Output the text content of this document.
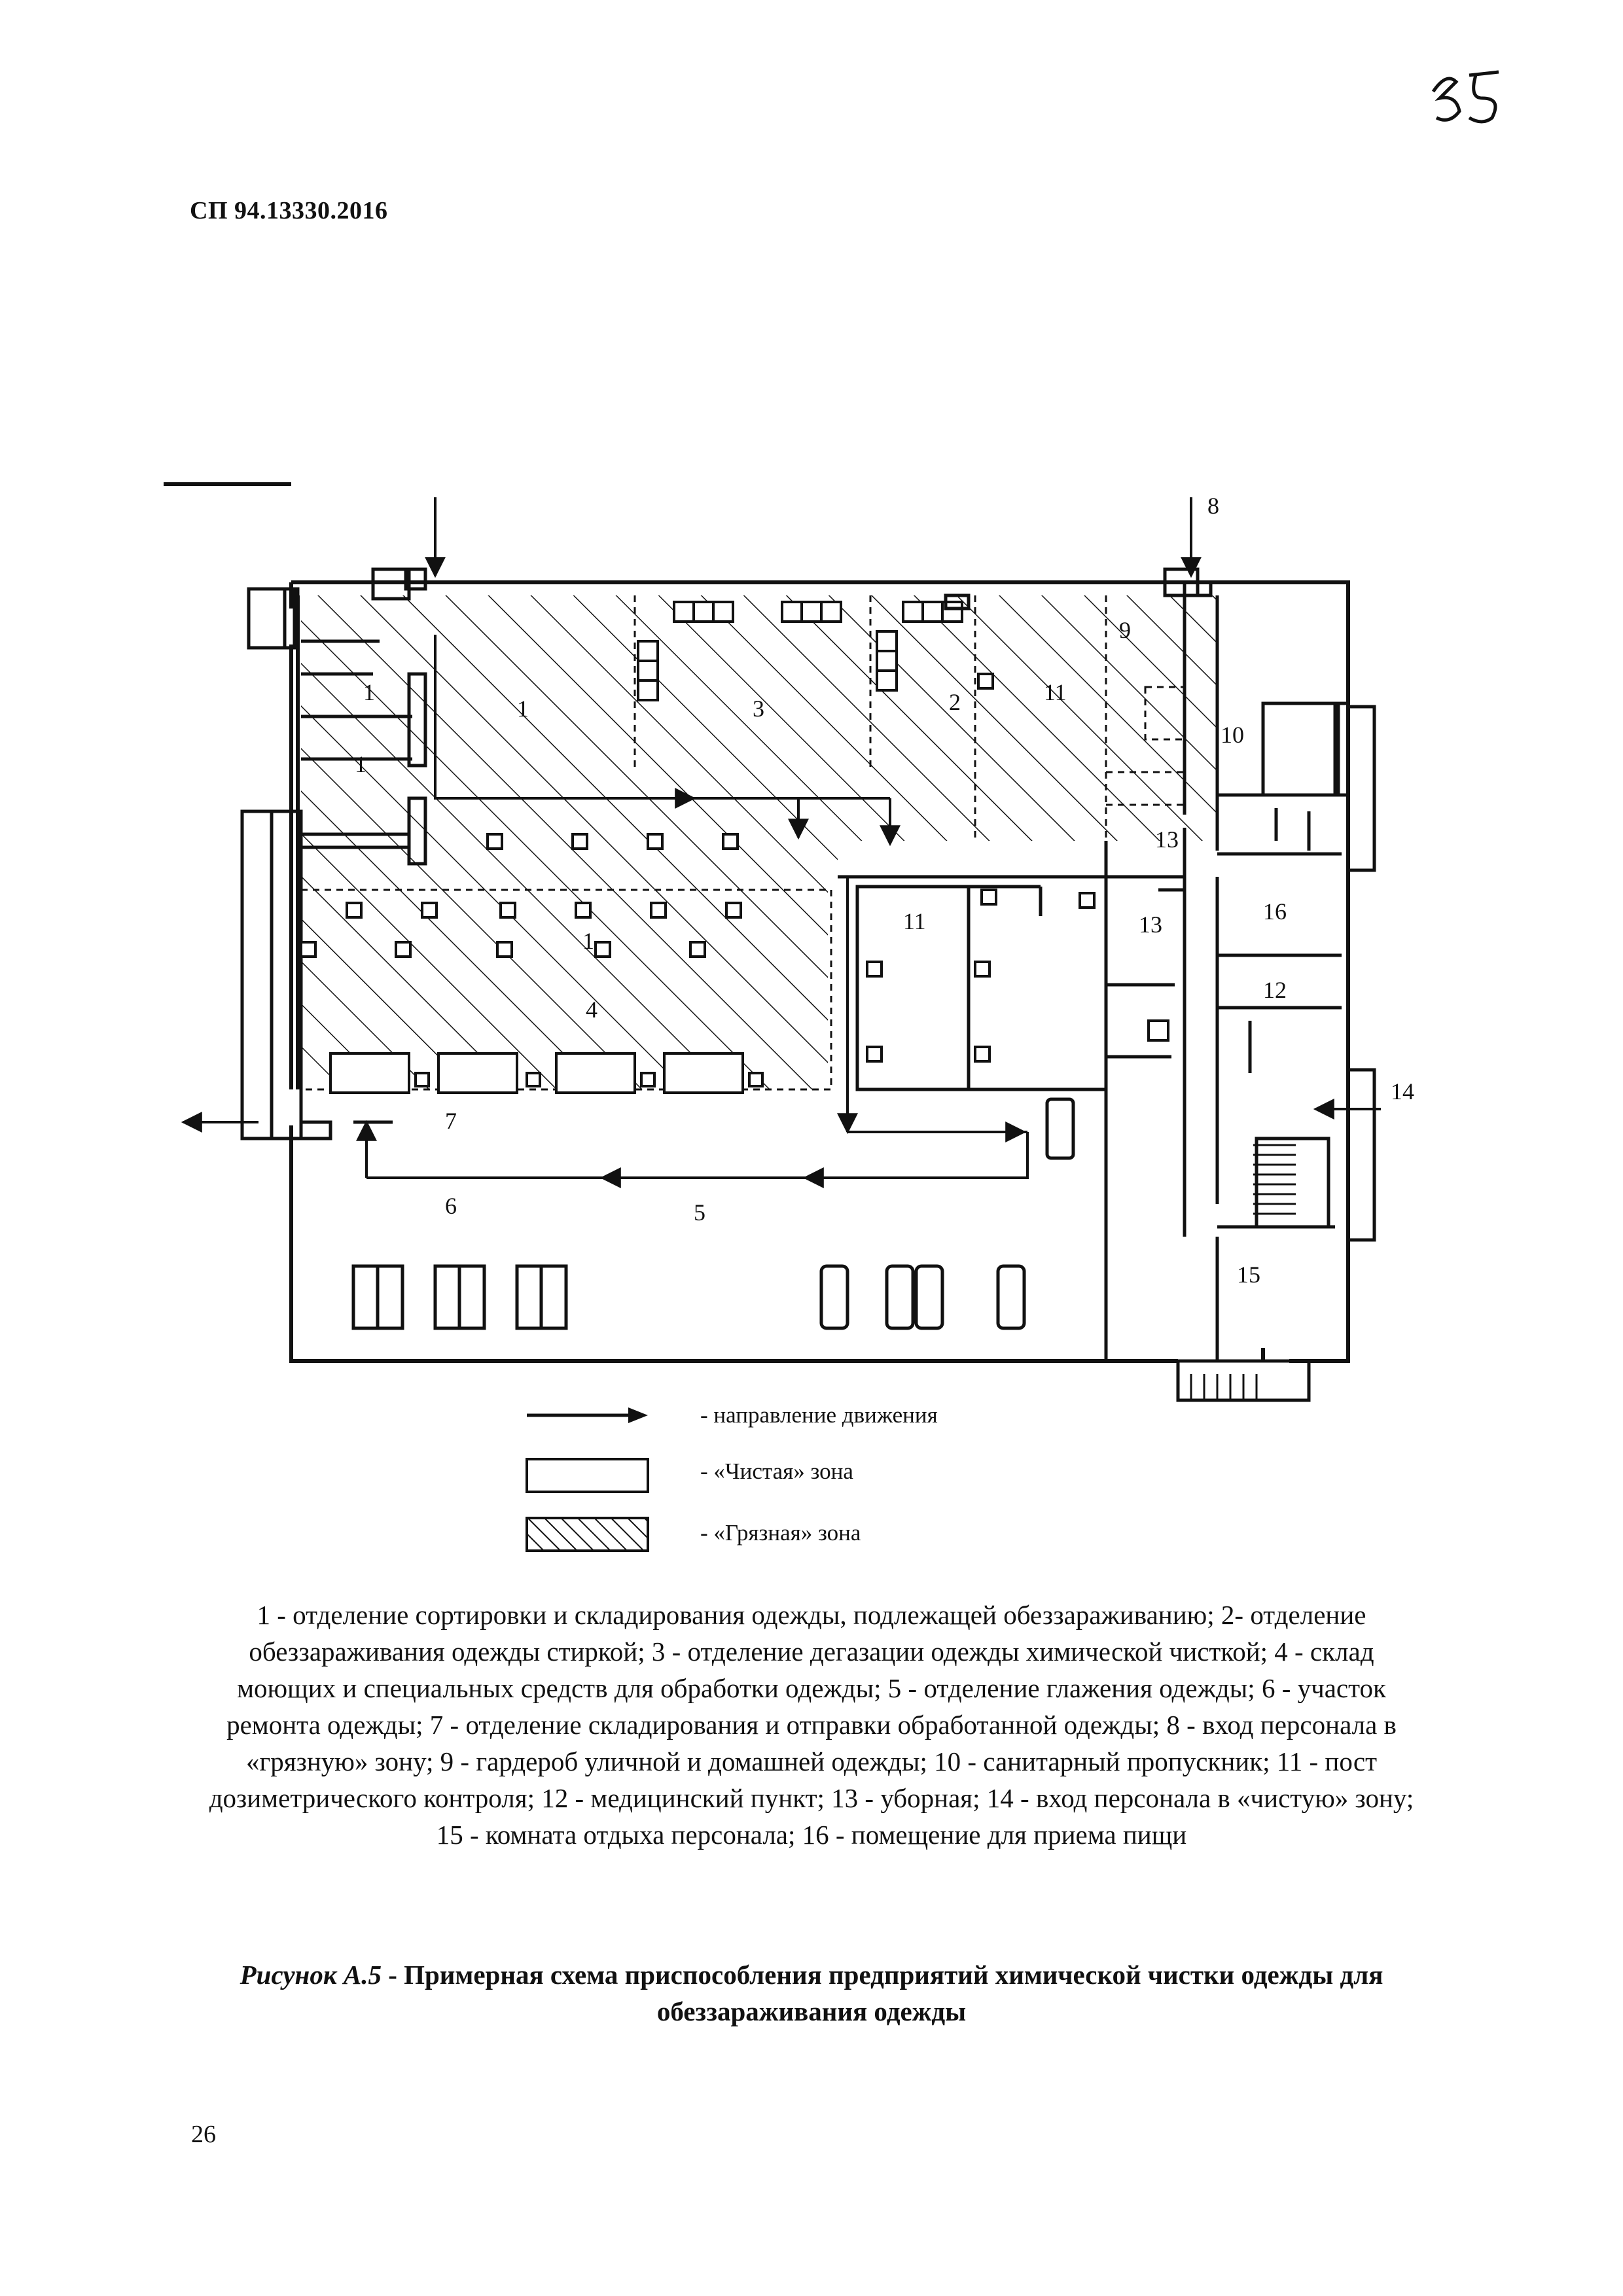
35
СП 94.13330.2016
1
1
1
1
2
3
4
5
6
7
8
9
10
11
11
12
13
13
14
15
16
- направление движения
- «Чистая» зона
- «Грязная» зона
1 - отделение сортировки и складирования одежды, подлежащей обеззараживанию; 2- отделение обеззараживания одежды стиркой; 3 - отделение дегазации одежды химической чисткой; 4 - склад моющих и специальных средств для обработки одежды; 5 - отделение глажения одежды; 6 - участок ремонта одежды; 7 - отделение складирования и отправки обработанной одежды; 8 - вход персонала в «грязную» зону; 9 - гардероб уличной и домашней одежды; 10 - санитарный пропускник; 11 - пост дозиметрического контроля; 12 - медицинский пункт; 13 - уборная; 14 - вход персонала в «чистую» зону; 15 - комната отдыха персонала; 16 - помещение для приема пищи
Рисунок А.5 - Примерная схема приспособления предприятий химической чистки одежды для обеззараживания одежды
26
